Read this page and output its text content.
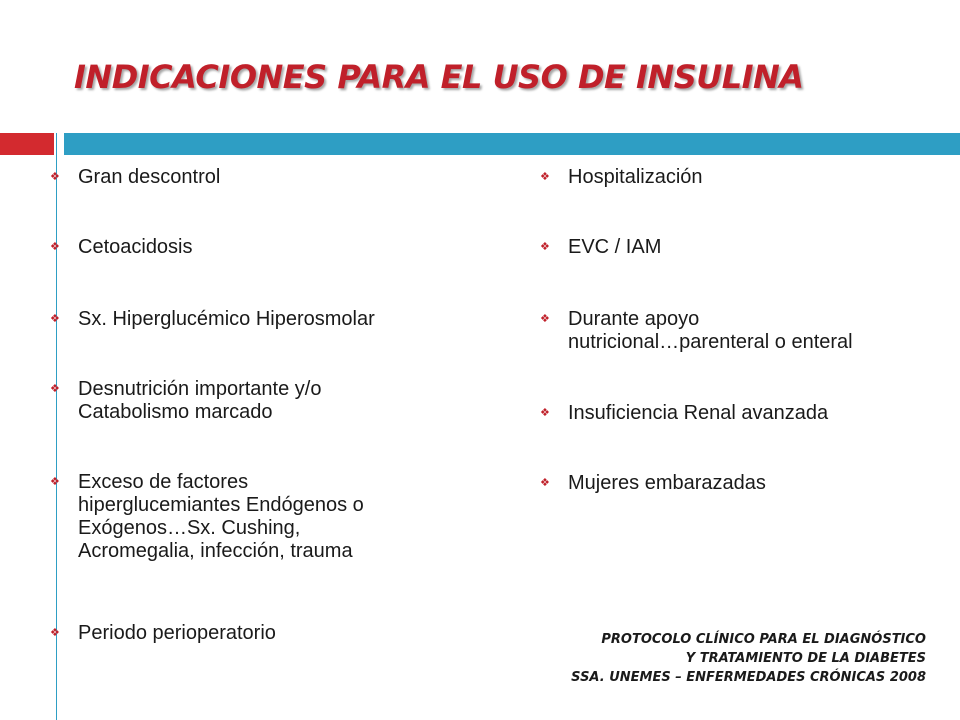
INDICACIONES PARA EL USO DE INSULINA
❖ Gran descontrol
❖ Cetoacidosis
❖ Sx. Hiperglucémico Hiperosmolar
❖ Desnutrición importante y/o
Catabolismo marcado
❖ Exceso de factores
hiperglucemiantes Endógenos o
Exógenos…Sx. Cushing,
Acromegalia, infección, trauma
❖ Periodo perioperatorio
❖ Hospitalización
❖ EVC / IAM
❖ Durante apoyo
nutricional…parenteral o enteral
❖ Insuficiencia Renal avanzada
❖ Mujeres embarazadas
PROTOCOLO CLÍNICO PARA EL DIAGNÓSTICO
Y TRATAMIENTO DE LA DIABETES
SSA. UNEMES – ENFERMEDADES CRÓNICAS 2008
